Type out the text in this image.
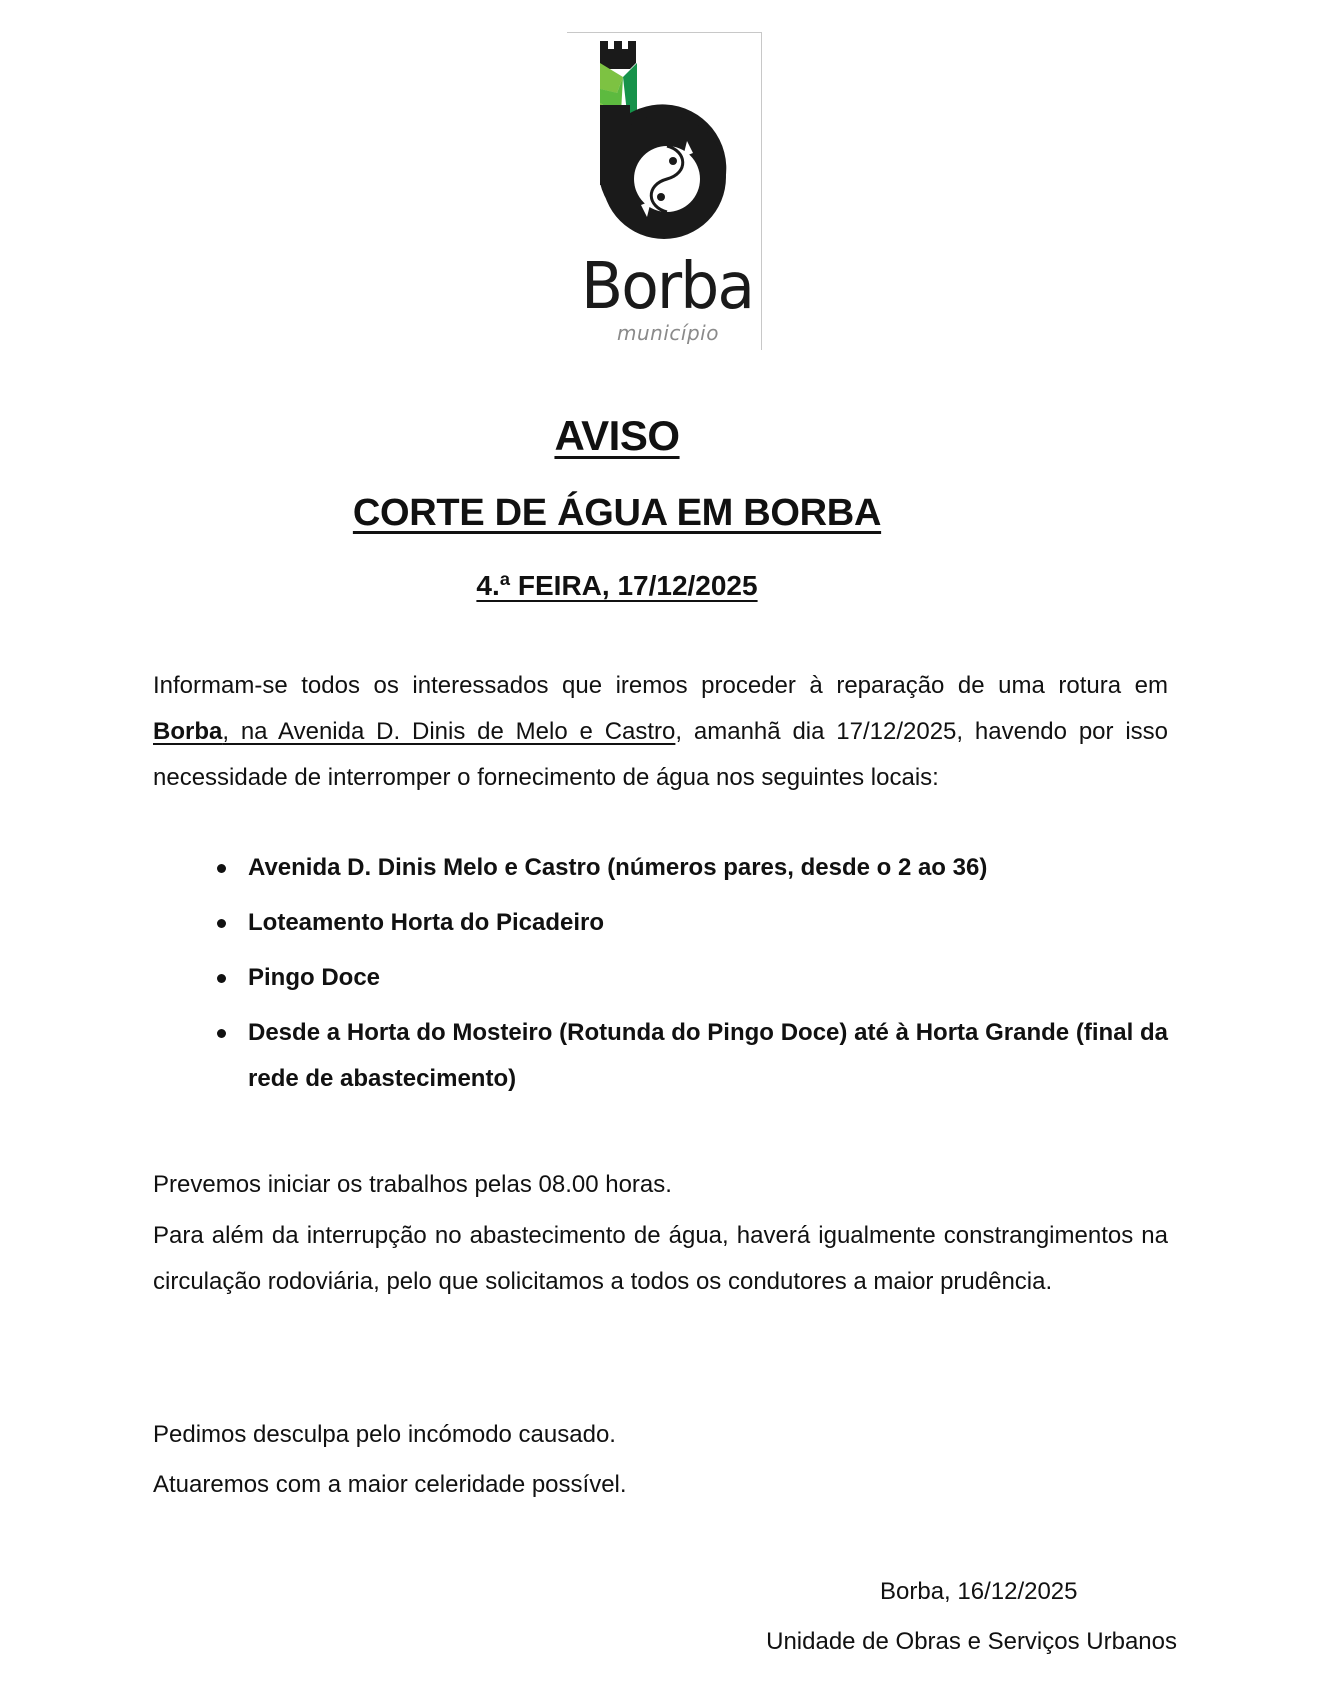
Borba
município
AVISO
CORTE DE ÁGUA EM BORBA
4.ª FEIRA, 17/12/2025
Informam-se todos os interessados que iremos proceder à reparação de uma rotura em Borba, na Avenida D. Dinis de Melo e Castro, amanhã dia 17/12/2025, havendo por isso necessidade de interromper o fornecimento de água nos seguintes locais:
Avenida D. Dinis Melo e Castro (números pares, desde o 2 ao 36)
Loteamento Horta do Picadeiro
Pingo Doce
Desde a Horta do Mosteiro (Rotunda do Pingo Doce) até à Horta Grande (final da rede de abastecimento)
Prevemos iniciar os trabalhos pelas 08.00 horas.
Para além da interrupção no abastecimento de água, haverá igualmente constrangimentos na circulação rodoviária, pelo que solicitamos a todos os condutores a maior prudência.
Pedimos desculpa pelo incómodo causado.
Atuaremos com a maior celeridade possível.
Borba, 16/12/2025
Unidade de Obras e Serviços Urbanos
